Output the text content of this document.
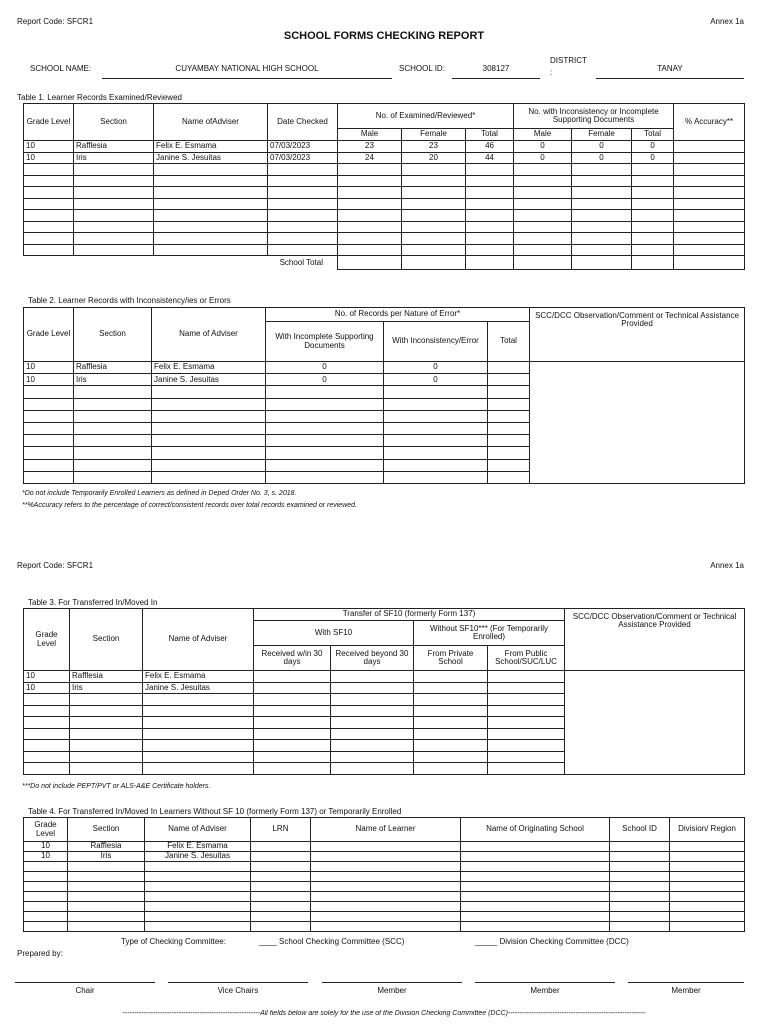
Report Code: SFCR1	Annex 1a
SCHOOL FORMS CHECKING REPORT
SCHOOL NAME:	CUYAMBAY NATIONAL HIGH SCHOOL	SCHOOL ID:	308127
DISTRICT
:	TANAY
Table 1. Learner Records Examined/Reviewed
Grade Level	Section	Name ofAdviser	Date Checked	No. of Examined/Reviewed*			No. with Inconsistency or Incomplete Supporting Documents			% Accuracy**
				Male	Female	Total	Male	Female	Total	
10	Rafflesia	Felix E. Esmama	07/03/2023	23	23	46	0	0	0	
10	Iris	Janine S. Jesuitas	07/03/2023	24	20	44	0	0	0	

School Total										
Table 2. Learner Records with Inconsistency/ies or Errors
Grade Level	Section	Name of Adviser	No. of Records per Nature of Error*			SCC/DCC Observation/Comment or Technical Assistance Provided
			With Incomplete Supporting Documents	With Inconsistency/Error	Total	
10	Rafflesia	Felix E. Esmama	0	0		
10	Iris	Janine S. Jesuitas	0	0		

*Do not include Temporarily Enrolled Learners as defined in Deped Order No. 3, s. 2018.
**%Accuracy refers to the percentage of correct/consistent records over total records examined or reviewed.
Report Code: SFCR1	Annex 1a
Table 3. For Transferred In/Moved In
Grade Level	Section	Name of Adviser	Transfer of SF10 (formerly Form 137)				SCC/DCC Observation/Comment or Technical Assistance Provided
			With SF10		Without SF10*** (For Temporarily Enrolled)		
			Received w/in 30 days	Received beyond 30 days	From Private School	From Public School/SUC/LUC	
10	Rafflesia	Felix E. Esmama					
10	Iris	Janine S. Jesuitas					

***Do not include PEPT/PVT or ALS-A&E Certificate holders.
Table 4. For Transferred In/Moved In Learners Without SF 10 (formerly Form 137) or Temporarily Enrolled
Grade Level	Section	Name of Adviser	LRN	Name of Learner	Name of Originating School	School ID	Division/ Region
10	Rafflesia	Felix E. Esmama					
10	Iris	Janine S. Jesuitas					

Type of Checking Committee:	____ School Checking Committee (SCC)	_____ Division Checking Committee (DCC)
Prepared by:
Chair	Vice Chairs	Member	Member	Member
-----------------------------------------------------------All fields below are solely for the use of the Division Checking Committee (DCC)-----------------------------------------------------------
